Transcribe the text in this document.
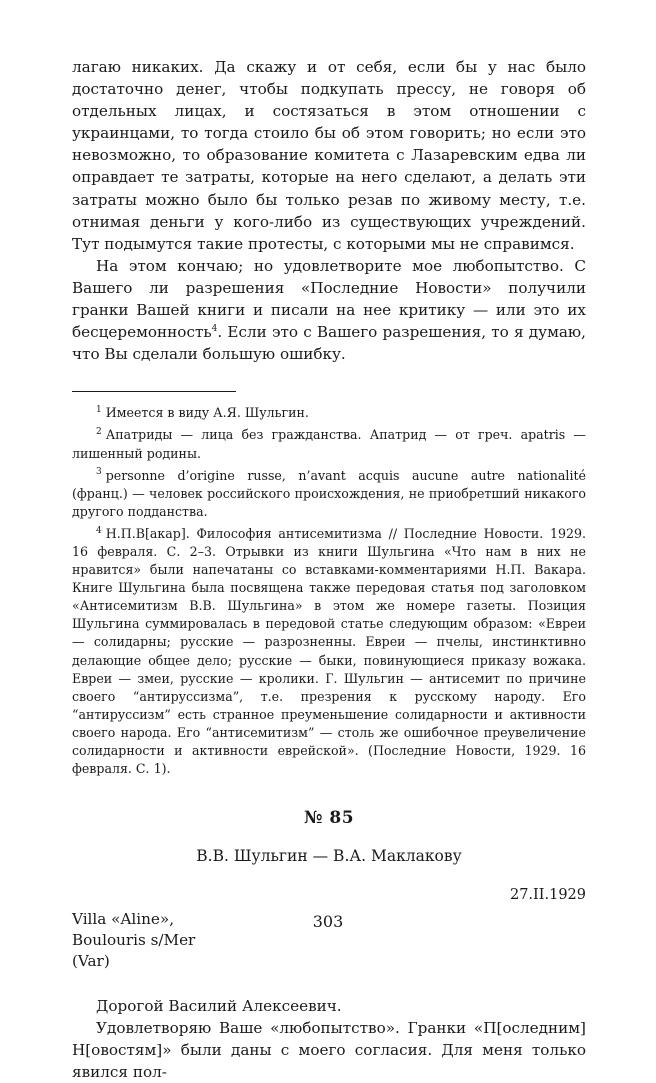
лагаю никаких. Да скажу и от себя, если бы у нас было достаточно денег, чтобы подкупать прессу, не говоря об отдельных лицах, и состязаться в этом отношении с украинцами, то тогда стоило бы об этом говорить; но если это невозможно, то образование комитета с Лазаревским едва ли оправдает те затраты, которые на него сделают, а делать эти затраты можно было бы только резав по живому месту, т.е. отнимая деньги у кого-либо из существующих учреждений. Тут подымутся такие протесты, с которыми мы не справимся.

На этом кончаю; но удовлетворите мое любопытство. С Вашего ли разрешения «Последние Новости» получили гранки Вашей книги и писали на нее критику — или это их бесцеремонность$^4$. Если это с Вашего разрешения, то я думаю, что Вы сделали большую ошибку.

$^1$ Имеется в виду А.Я. Шульгин.

$^2$ Апатриды — лица без гражданства. Апатрид — от греч. apatris — лишенный родины.

$^3$ personne d’origine russe, n’avant acquis aucune autre nationalité (франц.) — человек российского происхождения, не приобретший никакого другого подданства.

$^4$ Н.П.В[акар]. Философия антисемитизма // Последние Новости. 1929. 16 февраля. С. 2–3. Отрывки из книги Шульгина «Что нам в них не нравится» были напечатаны со вставками-комментариями Н.П. Вакара. Книге Шульгина была посвящена также передовая статья под заголовком «Антисемитизм В.В. Шульгина» в этом же номере газеты. Позиция Шульгина суммировалась в передовой статье следующим образом: «Евреи — солидарны; русские — разрозненны. Евреи — пчелы, инстинктивно делающие общее дело; русские — быки, повинующиеся приказу вожака. Евреи — змеи, русские — кролики. Г. Шульгин — антисемит по причине своего “антируссизма”, т.е. презрения к русскому народу. Его “антируссизм” есть странное преуменьшение солидарности и активности своего народа. Его “антисемитизм” — столь же ошибочное преувеличение солидарности и активности еврейской». (Последние Новости, 1929. 16 февраля. С. 1).

№ 85
В.В. Шульгин — В.А. Маклакову
27.II.1929
Villa «Aline»,
Boulouris s/Mer
(Var)

Дорогой Василий Алексеевич.

Удовлетворяю Ваше «любопытство». Гранки «П[оследним] Н[овостям]» были даны с моего согласия. Для меня только явился пол-

303
